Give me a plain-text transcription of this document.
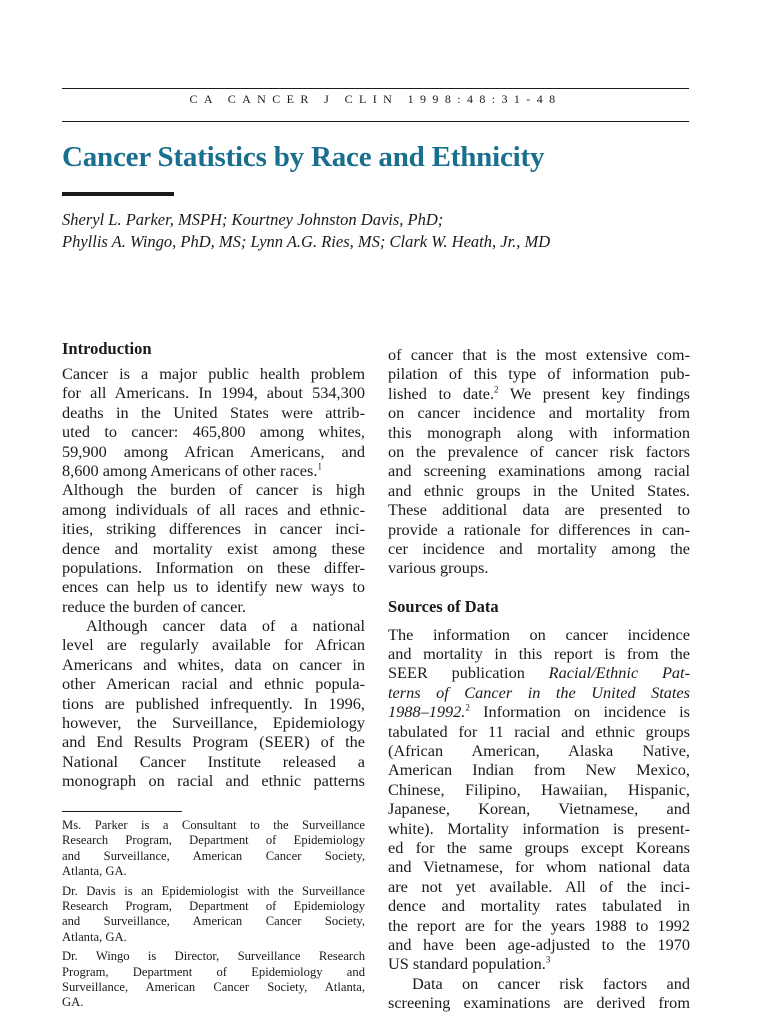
CA CANCER J CLIN 1998:48:31-48
Cancer Statistics by Race and Ethnicity
Sheryl L. Parker, MSPH; Kourtney Johnston Davis, PhD;
Phyllis A. Wingo, PhD, MS; Lynn A.G. Ries, MS; Clark W. Heath, Jr., MD
Introduction
Cancer is a major public health problem
for all Americans. In 1994, about 534,300
deaths in the United States were attrib-
uted to cancer: 465,800 among whites,
59,900 among African Americans, and
8,600 among Americans of other races.$^1$
Although the burden of cancer is high
among individuals of all races and ethnic-
ities, striking differences in cancer inci-
dence and mortality exist among these
populations. Information on these differ-
ences can help us to identify new ways to
reduce the burden of cancer.
Although cancer data of a national
level are regularly available for African
Americans and whites, data on cancer in
other American racial and ethnic popula-
tions are published infrequently. In 1996,
however, the Surveillance, Epidemiology
and End Results Program (SEER) of the
National Cancer Institute released a
monograph on racial and ethnic patterns
Ms. Parker is a Consultant to the Surveillance
Research Program, Department of Epidemiology
and Surveillance, American Cancer Society,
Atlanta, GA.
Dr. Davis is an Epidemiologist with the Surveillance
Research Program, Department of Epidemiology
and Surveillance, American Cancer Society,
Atlanta, GA.
Dr. Wingo is Director, Surveillance Research
Program, Department of Epidemiology and
Surveillance, American Cancer Society, Atlanta,
GA.
of cancer that is the most extensive com-
pilation of this type of information pub-
lished to date.$^2$ We present key findings
on cancer incidence and mortality from
this monograph along with information
on the prevalence of cancer risk factors
and screening examinations among racial
and ethnic groups in the United States.
These additional data are presented to
provide a rationale for differences in can-
cer incidence and mortality among the
various groups.
Sources of Data
The information on cancer incidence
and mortality in this report is from the
SEER publication Racial/Ethnic Pat-
terns of Cancer in the United States
1988–1992.$^2$ Information on incidence is
tabulated for 11 racial and ethnic groups
(African American, Alaska Native,
American Indian from New Mexico,
Chinese, Filipino, Hawaiian, Hispanic,
Japanese, Korean, Vietnamese, and
white). Mortality information is present-
ed for the same groups except Koreans
and Vietnamese, for whom national data
are not yet available. All of the inci-
dence and mortality rates tabulated in
the report are for the years 1988 to 1992
and have been age-adjusted to the 1970
US standard population.$^3$
Data on cancer risk factors and
screening examinations are derived from
